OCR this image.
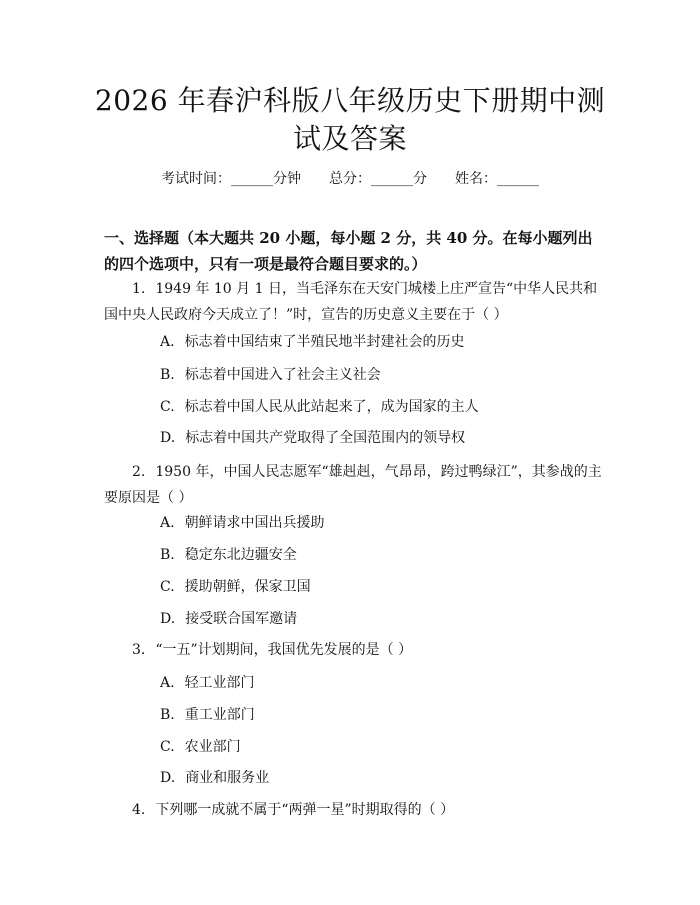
2026 年春沪科版八年级历史下册期中测试及答案
考试时间：______分钟 总分：______分 姓名：______
一、选择题（本大题共 20 小题，每小题 2 分，共 40 分。在每小题列出的四个选项中，只有一项是最符合题目要求的。）
1. 1949 年 10 月 1 日，当毛泽东在天安门城楼上庄严宣告“中华人民共和国中央人民政府今天成立了！”时，宣告的历史意义主要在于（ ）
A. 标志着中国结束了半殖民地半封建社会的历史
B. 标志着中国进入了社会主义社会
C. 标志着中国人民从此站起来了，成为国家的主人
D. 标志着中国共产党取得了全国范围内的领导权
2. 1950 年，中国人民志愿军“雄赳赳，气昂昂，跨过鸭绿江”，其参战的主要原因是（ ）
A. 朝鲜请求中国出兵援助
B. 稳定东北边疆安全
C. 援助朝鲜，保家卫国
D. 接受联合国军邀请
3. “一五”计划期间，我国优先发展的是（ ）
A. 轻工业部门
B. 重工业部门
C. 农业部门
D. 商业和服务业
4. 下列哪一成就不属于“两弹一星”时期取得的（ ）
